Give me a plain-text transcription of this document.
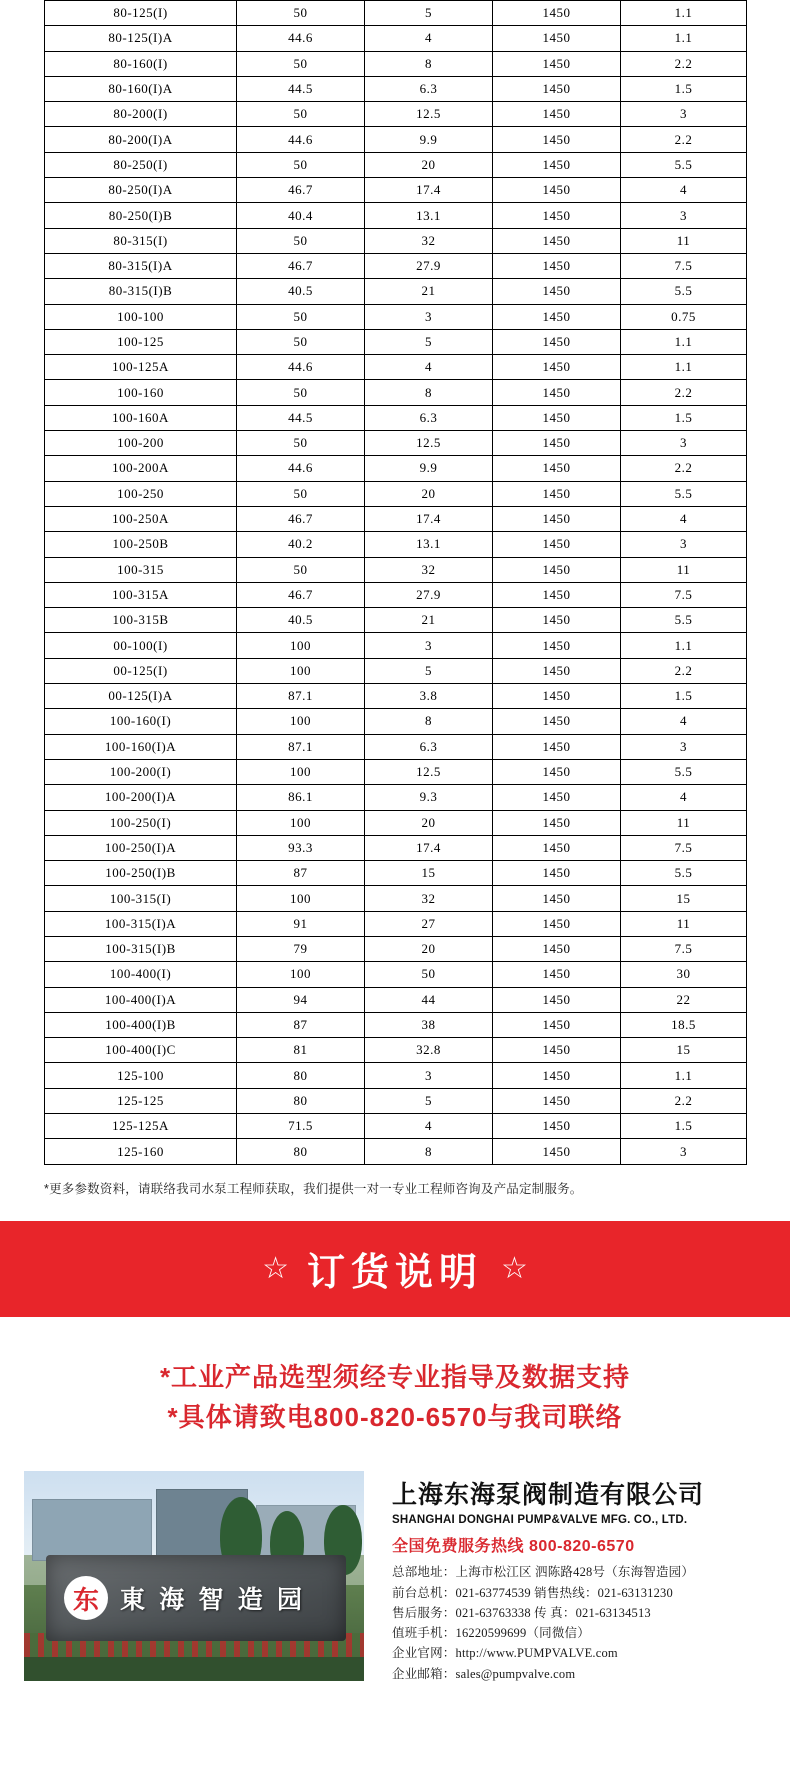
80-125(I)	50	5	1450	1.1
80-125(I)A	44.6	4	1450	1.1
80-160(I)	50	8	1450	2.2
80-160(I)A	44.5	6.3	1450	1.5
80-200(I)	50	12.5	1450	3
80-200(I)A	44.6	9.9	1450	2.2
80-250(I)	50	20	1450	5.5
80-250(I)A	46.7	17.4	1450	4
80-250(I)B	40.4	13.1	1450	3
80-315(I)	50	32	1450	11
80-315(I)A	46.7	27.9	1450	7.5
80-315(I)B	40.5	21	1450	5.5
100-100	50	3	1450	0.75
100-125	50	5	1450	1.1
100-125A	44.6	4	1450	1.1
100-160	50	8	1450	2.2
100-160A	44.5	6.3	1450	1.5
100-200	50	12.5	1450	3
100-200A	44.6	9.9	1450	2.2
100-250	50	20	1450	5.5
100-250A	46.7	17.4	1450	4
100-250B	40.2	13.1	1450	3
100-315	50	32	1450	11
100-315A	46.7	27.9	1450	7.5
100-315B	40.5	21	1450	5.5
00-100(I)	100	3	1450	1.1
00-125(I)	100	5	1450	2.2
00-125(I)A	87.1	3.8	1450	1.5
100-160(I)	100	8	1450	4
100-160(I)A	87.1	6.3	1450	3
100-200(I)	100	12.5	1450	5.5
100-200(I)A	86.1	9.3	1450	4
100-250(I)	100	20	1450	11
100-250(I)A	93.3	17.4	1450	7.5
100-250(I)B	87	15	1450	5.5
100-315(I)	100	32	1450	15
100-315(I)A	91	27	1450	11
100-315(I)B	79	20	1450	7.5
100-400(I)	100	50	1450	30
100-400(I)A	94	44	1450	22
100-400(I)B	87	38	1450	18.5
100-400(I)C	81	32.8	1450	15
125-100	80	3	1450	1.1
125-125	80	5	1450	2.2
125-125A	71.5	4	1450	1.5
125-160	80	8	1450	3
*更多参数资料，请联络我司水泵工程师获取，我们提供一对一专业工程师咨询及产品定制服务。
☆ 订货说明 ☆
*工业产品选型须经专业指导及数据支持
*具体请致电800-820-6570与我司联络
东 東 海 智 造 园
上海东海泵阀制造有限公司
SHANGHAI DONGHAI PUMP&VALVE MFG. CO., LTD.
全国免费服务热线 800-820-6570
总部地址：上海市松江区 泗陈路428号（东海智造园）
前台总机：021-63774539 销售热线：021-63131230
售后服务：021-63763338 传 真：021-63134513
值班手机：16220599699（同微信）
企业官网：http://www.PUMPVALVE.com
企业邮箱：sales@pumpvalve.com
